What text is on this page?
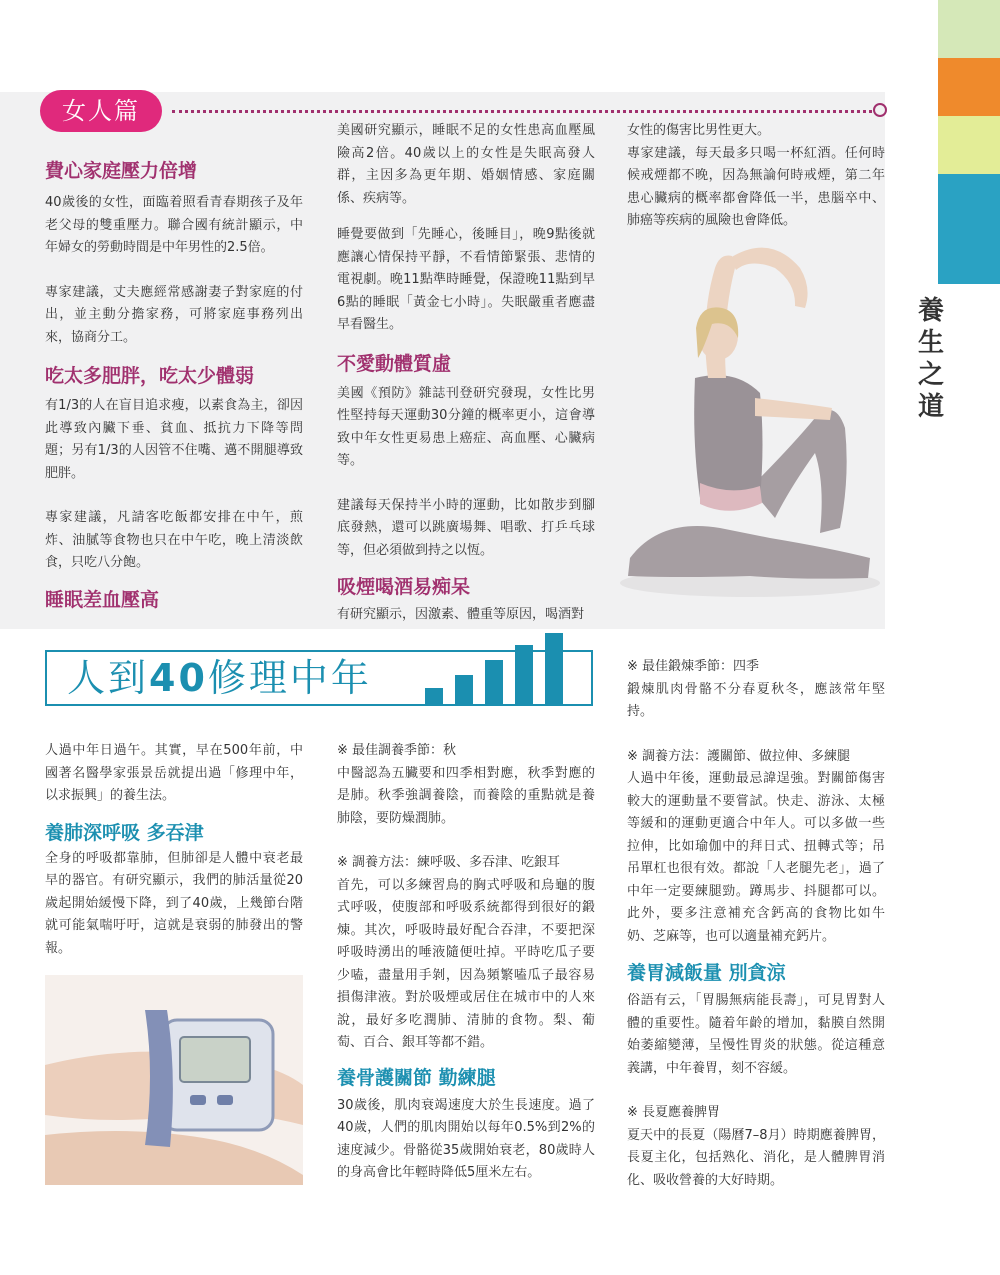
23
養生之道
女人篇
費心家庭壓力倍增

40歲後的女性，面臨着照看青春期孩子及年老父母的雙重壓力。聯合國有統計顯示，中年婦女的勞動時間是中年男性的2.5倍。

專家建議，丈夫應經常感謝妻子對家庭的付出，並主動分擔家務，可將家庭事務列出來，協商分工。

吃太多肥胖，吃太少體弱

有1/3的人在盲目追求瘦，以素食為主，卻因此導致內臟下垂、貧血、抵抗力下降等問題；另有1/3的人因管不住嘴、邁不開腿導致肥胖。

專家建議，凡請客吃飯都安排在中午，煎炸、油膩等食物也只在中午吃，晚上清淡飲食，只吃八分飽。

睡眠差血壓高

美國研究顯示，睡眠不足的女性患高血壓風險高2倍。40歲以上的女性是失眠高發人群，主因多為更年期、婚姻情感、家庭關係、疾病等。

睡覺要做到「先睡心，後睡目」，晚9點後就應讓心情保持平靜，不看情節緊張、悲情的電視劇。晚11點準時睡覺，保證晚11點到早6點的睡眠「黃金七小時」。失眠嚴重者應盡早看醫生。

不愛動體質虛

美國《預防》雜誌刊登研究發現，女性比男性堅持每天運動30分鐘的概率更小，這會導致中年女性更易患上癌症、高血壓、心臟病等。

建議每天保持半小時的運動，比如散步到腳底發熱，還可以跳廣場舞、唱歌、打乒乓球等，但必須做到持之以恆。

吸煙喝酒易痴呆

有研究顯示，因激素、體重等原因，喝酒對

女性的傷害比男性更大。

專家建議，每天最多只喝一杯紅酒。任何時候戒煙都不晚，因為無論何時戒煙，第二年患心臟病的概率都會降低一半，患腦卒中、肺癌等疾病的風險也會降低。

人到40修理中年

人過中年日過午。其實，早在500年前，中國著名醫學家張景岳就提出過「修理中年，以求振興」的養生法。

養肺深呼吸 多吞津

全身的呼吸都靠肺，但肺卻是人體中衰老最早的器官。有研究顯示，我們的肺活量從20歲起開始緩慢下降，到了40歲，上幾節台階就可能氣喘吁吁，這就是衰弱的肺發出的警報。

※ 最佳調養季節：秋

中醫認為五臟要和四季相對應，秋季對應的是肺。秋季強調養陰，而養陰的重點就是養肺陰，要防燥潤肺。

※ 調養方法：練呼吸、多吞津、吃銀耳

首先，可以多練習鳥的胸式呼吸和烏龜的腹式呼吸，使腹部和呼吸系統都得到很好的鍛煉。其次，呼吸時最好配合吞津，不要把深呼吸時湧出的唾液隨便吐掉。平時吃瓜子要少嗑，盡量用手剝，因為頻繁嗑瓜子最容易損傷津液。對於吸煙或居住在城市中的人來說，最好多吃潤肺、清肺的食物。梨、葡萄、百合、銀耳等都不錯。

養骨護關節 勤練腿

30歲後，肌肉衰竭速度大於生長速度。過了40歲，人們的肌肉開始以每年0.5%到2%的速度減少。骨骼從35歲開始衰老，80歲時人的身高會比年輕時降低5厘米左右。

※ 最佳鍛煉季節：四季

鍛煉肌肉骨骼不分春夏秋冬，應該常年堅持。

※ 調養方法：護關節、做拉伸、多練腿

人過中年後，運動最忌諱逞強。對關節傷害較大的運動量不要嘗試。快走、游泳、太極等緩和的運動更適合中年人。可以多做一些拉伸，比如瑜伽中的拜日式、扭轉式等；吊吊單杠也很有效。都說「人老腿先老」，過了中年一定要練腿勁。蹲馬步、抖腿都可以。此外，要多注意補充含鈣高的食物比如牛奶、芝麻等，也可以適量補充鈣片。

養胃減飯量 別貪涼

俗語有云，「胃腸無病能長壽」，可見胃對人體的重要性。隨着年齡的增加，黏膜自然開始萎縮變薄，呈慢性胃炎的狀態。從這種意義講，中年養胃，刻不容緩。

※ 長夏應養脾胃

夏天中的長夏（陽曆7–8月）時期應養脾胃，長夏主化，包括熟化、消化，是人體脾胃消化、吸收營養的大好時期。
